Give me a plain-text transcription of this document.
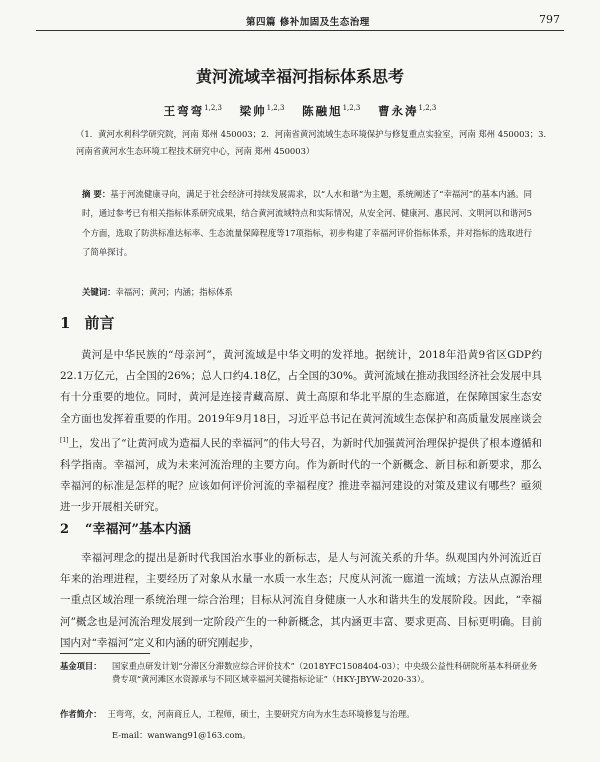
第四篇 修补加固及生态治理	797
黄河流域幸福河指标体系思考
王弯弯$^{1,2,3}$ 梁帅$^{1,2,3}$ 陈融旭$^{1,2,3}$ 曹永涛$^{1,2,3}$
（1．黄河水利科学研究院，河南 郑州 450003；2．河南省黄河流域生态环境保护与修复重点实验室，河南 郑州 450003；3．河南省黄河水生态环境工程技术研究中心，河南 郑州 450003）
摘 要：基于河流健康寻向，满足于社会经济可持续发展需求，以“人水和谐”为主题，系统阐述了“幸福河”的基本内涵。同时，通过参考已有相关指标体系研究成果，结合黄河流域特点和实际情况，从安全河、健康河、惠民河、文明河以和谐河5个方面，选取了防洪标准达标率、生态流量保障程度等17项指标，初步构建了幸福河评价指标体系，并对指标的选取进行了简单探讨。
关键词：幸福河；黄河；内涵；指标体系
1 前言
黄河是中华民族的“母亲河”，黄河流域是中华文明的发祥地。据统计，2018年沿黄9省区GDP约22.1万亿元，占全国的26%；总人口约4.18亿，占全国的30%。黄河流域在推动我国经济社会发展中具有十分重要的地位。同时，黄河是连接青藏高原、黄土高原和华北平原的生态廊道，在保障国家生态安全方面也发挥着重要的作用。2019年9月18日，习近平总书记在黄河流域生态保护和高质量发展座谈会[1]上，发出了“让黄河成为造福人民的幸福河”的伟大号召，为新时代加强黄河治理保护提供了根本遵循和科学指南。幸福河，成为未来河流治理的主要方向。作为新时代的一个新概念、新目标和新要求，那么幸福河的标准是怎样的呢？应该如何评价河流的幸福程度？推进幸福河建设的对策及建议有哪些？亟须进一步开展相关研究。
2 “幸福河”基本内涵
幸福河理念的提出是新时代我国治水事业的新标志，是人与河流关系的升华。纵观国内外河流近百年来的治理进程，主要经历了对象从水量一水质一水生态；尺度从河流一廊道一流域；方法从点源治理一重点区域治理一系统治理一综合治理；目标从河流自身健康一人水和谐共生的发展阶段。因此，“幸福河”概念也是河流治理发展到一定阶段产生的一种新概念，其内涵更丰富、要求更高、目标更明确。目前国内对“幸福河”定义和内涵的研究刚起步，
基金项目：	国家重点研发计划“分滞区分滞数应综合评价技术”（2018YFC1508404-03）；中央级公益性科研院所基本科研业务费专项“黄河滩区水资源承与不同区域幸福河关键指标论证”（HKY-JBYW-2020-33）。
作者简介： 王弯弯，女，河南商丘人，工程师，硕士，主要研究方向为水生态环境修复与治理。
E-mail：wanwang91@163.com。
